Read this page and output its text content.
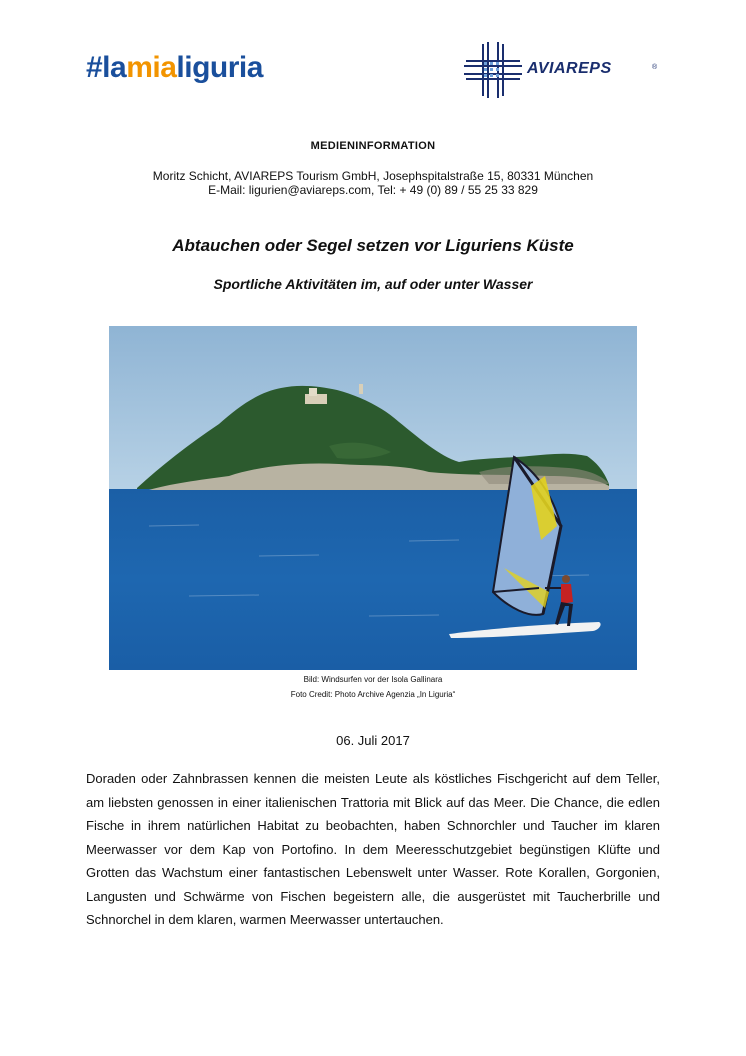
#lamialiguria	AVIAREPS	®
MEDIENINFORMATION
Moritz Schicht, AVIAREPS Tourism GmbH, Josephspitalstraße 15, 80331 München
E-Mail: ligurien@aviareps.com, Tel: + 49 (0) 89 / 55 25 33 829
Abtauchen oder Segel setzen vor Liguriens Küste
Sportliche Aktivitäten im, auf oder unter Wasser
Bild: Windsurfen vor der Isola Gallinara
Foto Credit: Photo Archive Agenzia „In Liguria“
06. Juli 2017
Doraden oder Zahnbrassen kennen die meisten Leute als köstliches Fischgericht auf dem Teller, am liebsten genossen in einer italienischen Trattoria mit Blick auf das Meer. Die Chance, die edlen Fische in ihrem natürlichen Habitat zu beobachten, haben Schnorchler und Taucher im klaren Meerwasser vor dem Kap von Portofino. In dem Meeresschutzgebiet begünstigen Klüfte und Grotten das Wachstum einer fantastischen Lebenswelt unter Wasser. Rote Korallen, Gorgonien, Langusten und Schwärme von Fischen begeistern alle, die ausgerüstet mit Taucherbrille und Schnorchel in dem klaren, warmen Meerwasser untertauchen.
